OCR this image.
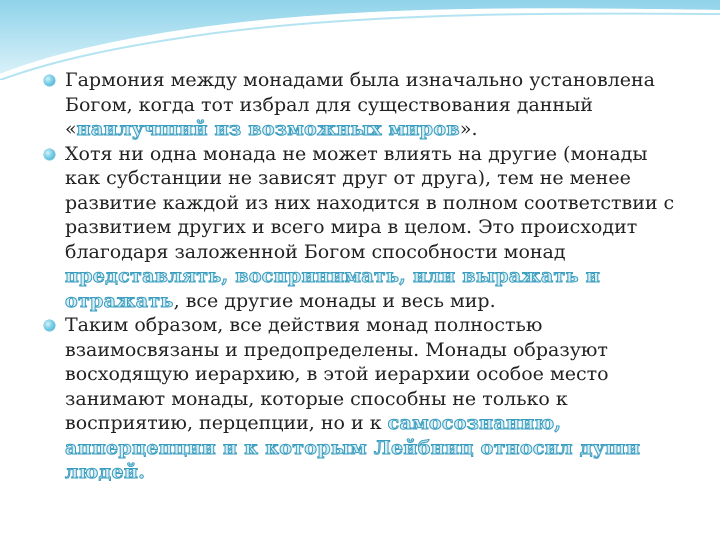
Гармония между монадами была изначально установлена Богом, когда тот избрал для существования данный «наилучший из возможных миров».
Хотя ни одна монада не может влиять на другие (монады как субстанции не зависят друг от друга), тем не менее развитие каждой из них находится в полном соответствии с развитием других и всего мира в целом. Это происходит благодаря заложенной Богом способности монад представлять, воспринимать, или выражать и отражать, все другие монады и весь мир.
Таким образом, все действия монад полностью взаимосвязаны и предопределены. Монады образуют восходящую иерархию, в этой иерархии особое место занимают монады, которые способны не только к восприятию, перцепции, но и к самосознанию, апперцепции и к которым Лейбниц относил души людей.
